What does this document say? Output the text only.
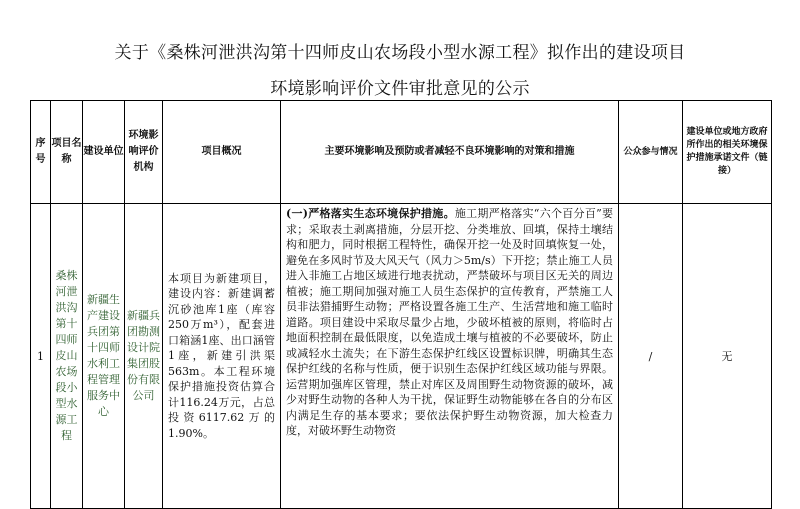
关于《桑株河泄洪沟第十四师皮山农场段小型水源工程》拟作出的建设项目
环境影响评价文件审批意见的公示
序号	项目名称	建设单位	环境影响评价机构	项目概况	主要环境影响及预防或者减轻不良环境影响的对策和措施	公众参与情况	建设单位或地方政府所作出的相关环境保护措施承诺文件（链接）
1	桑株河泄洪沟第十四师皮山农场段小型水源工程	新疆生产建设兵团第十四师水利工程管理服务中心	新疆兵团勘测设计院集团股份有限公司	本项目为新建项目，建设内容：新建调蓄沉砂池库1座（库容250万m³），配套进口箱涵1座、出口涵管1座，新建引洪渠563m。本工程环境保护措施投资估算合计116.24万元，占总投资6117.62万的1.90%。	(一)严格落实生态环境保护措施。施工期严格落实“六个百分百”要求；采取表土剥离措施，分层开挖、分类堆放、回填，保持土壤结构和肥力，同时根据工程特性，确保开挖一处及时回填恢复一处，避免在多风时节及大风天气（风力＞5m/s）下开挖；禁止施工人员进入非施工占地区域进行地表扰动，严禁破坏与项目区无关的周边植被；施工期间加强对施工人员生态保护的宣传教育，严禁施工人员非法猎捕野生动物；严格设置各施工生产、生活营地和施工临时道路。项目建设中采取尽量少占地，少破坏植被的原则，将临时占地面积控制在最低限度，以免造成土壤与植被的不必要破坏，防止或减轻水土流失；在下游生态保护红线区设置标识牌，明确其生态保护红线的名称与性质，便于识别生态保护红线区域功能与界限。运营期加强库区管理，禁止对库区及周围野生动物资源的破坏，减少对野生动物的各种人为干扰，保证野生动物能够在各自的分布区内满足生存的基本要求；要依法保护野生动物资源，加大检查力度，对破坏野生动物资	/	无
